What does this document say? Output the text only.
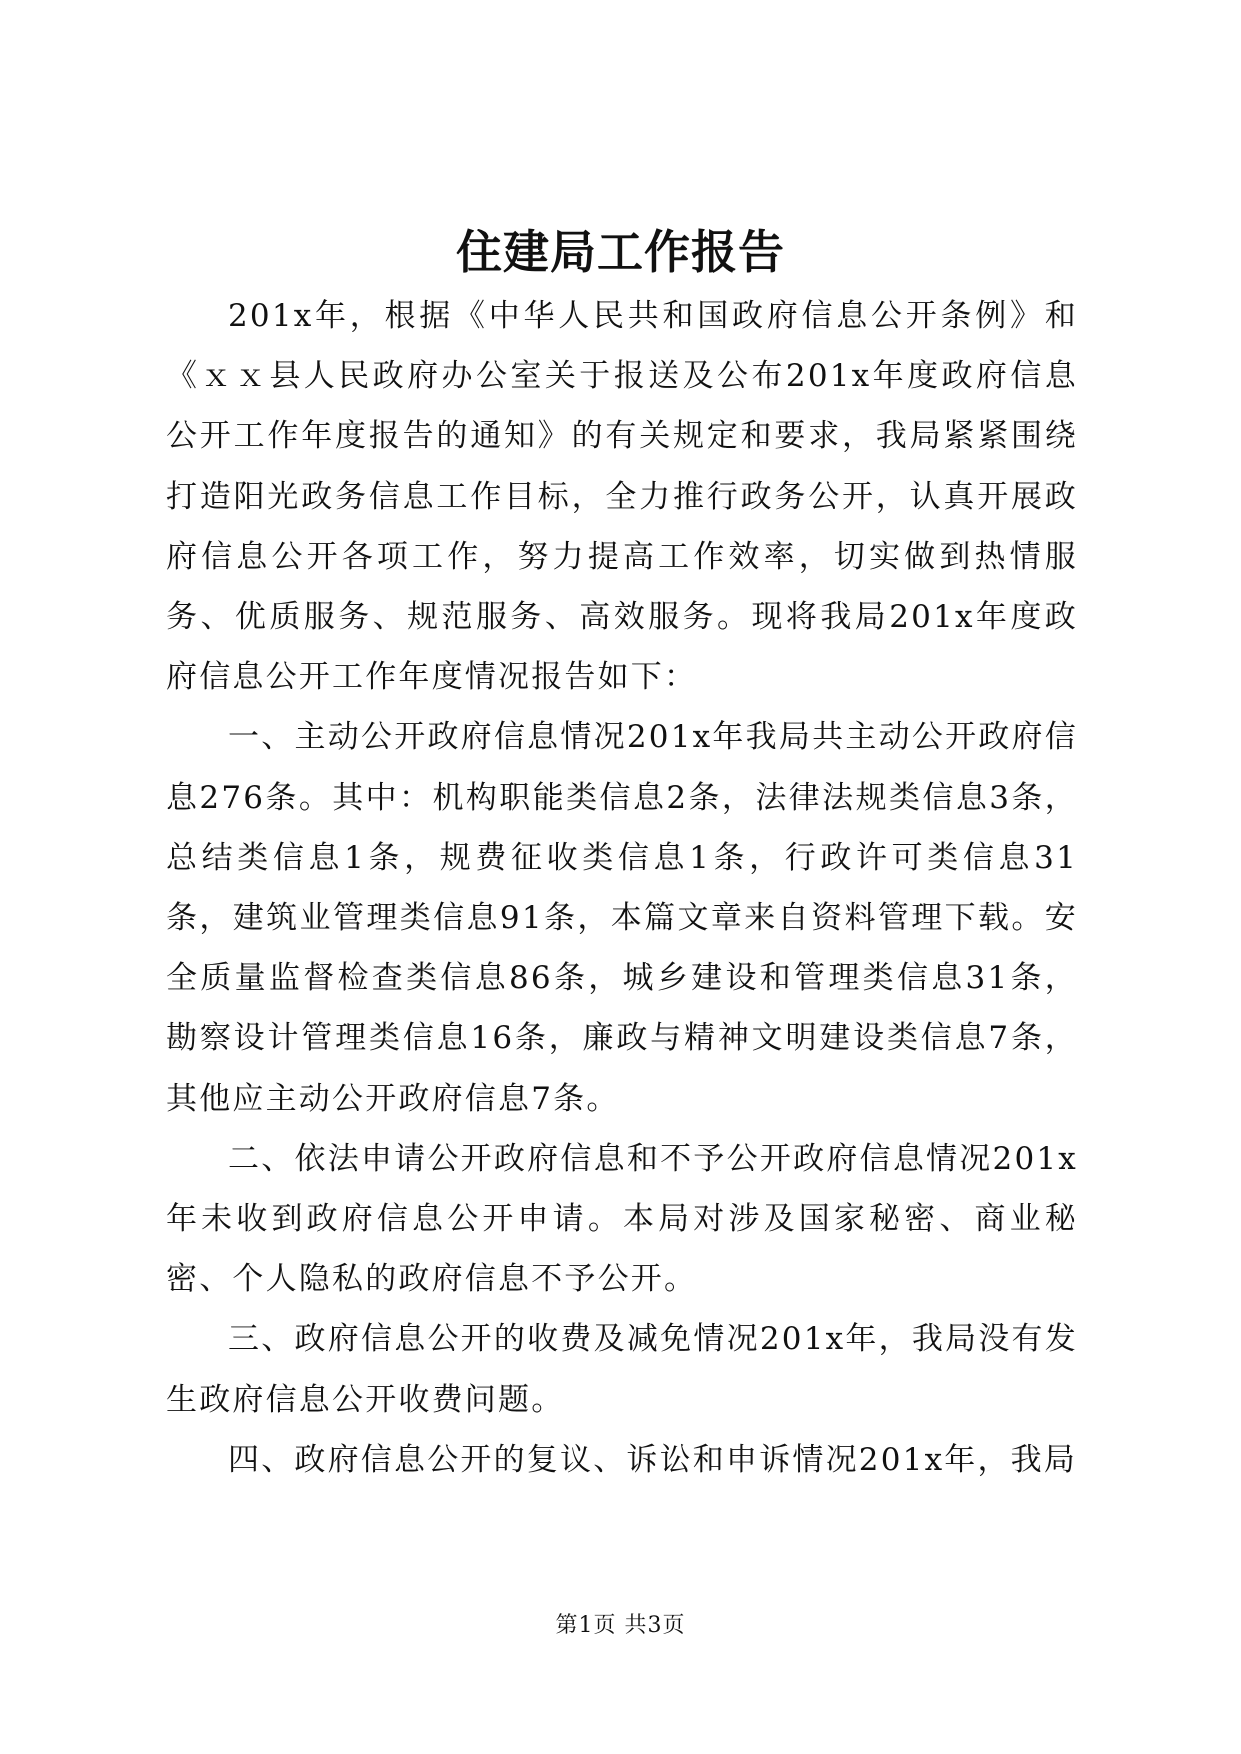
住建局工作报告

201x年，根据《中华人民共和国政府信息公开条例》和《ｘｘ县人民政府办公室关于报送及公布201x年度政府信息公开工作年度报告的通知》的有关规定和要求，我局紧紧围绕打造阳光政务信息工作目标，全力推行政务公开，认真开展政府信息公开各项工作，努力提高工作效率，切实做到热情服务、优质服务、规范服务、高效服务。现将我局201x年度政府信息公开工作年度情况报告如下：

一、主动公开政府信息情况201x年我局共主动公开政府信息276条。其中：机构职能类信息2条，法律法规类信息3条，总结类信息1条，规费征收类信息1条，行政许可类信息31条，建筑业管理类信息91条，本篇文章来自资料管理下载。安全质量监督检查类信息86条，城乡建设和管理类信息31条，勘察设计管理类信息16条，廉政与精神文明建设类信息7条，其他应主动公开政府信息7条。

二、依法申请公开政府信息和不予公开政府信息情况201x年未收到政府信息公开申请。本局对涉及国家秘密、商业秘密、个人隐私的政府信息不予公开。

三、政府信息公开的收费及减免情况201x年，我局没有发生政府信息公开收费问题。

四、政府信息公开的复议、诉讼和申诉情况201x年，我局

第1页 共3页
